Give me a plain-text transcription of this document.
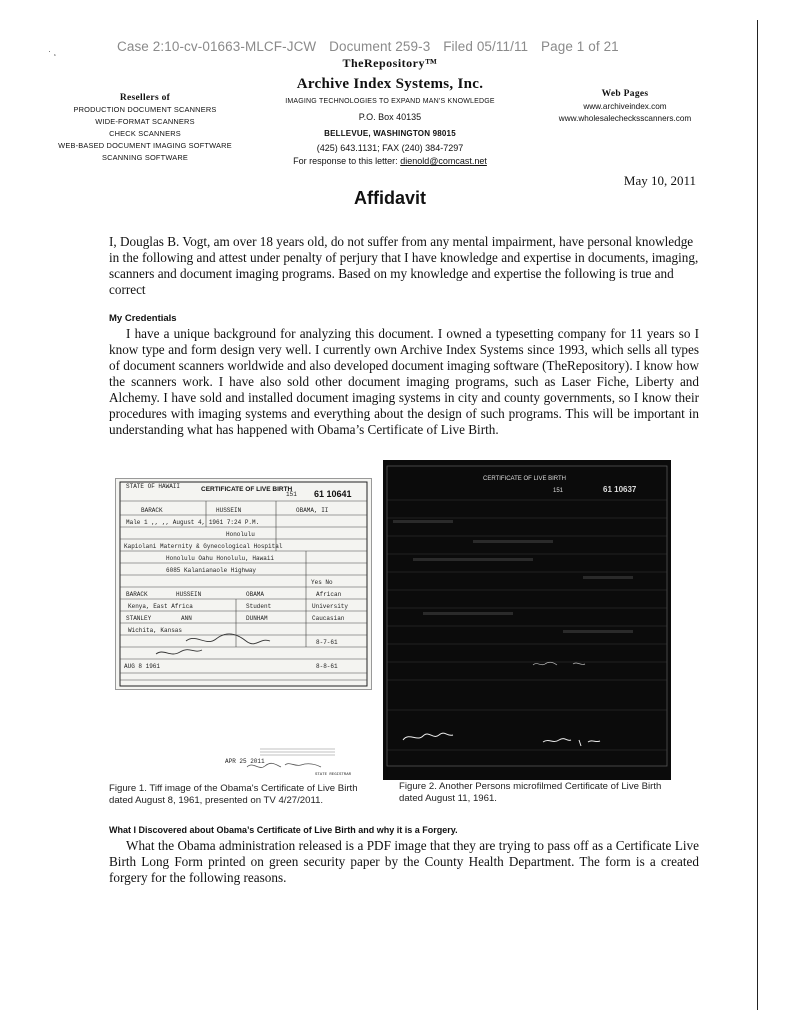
Case 2:10-cv-01663-MLCF-JCW Document 259-3 Filed 05/11/11 Page 1 of 21
· ¸
TheRepository™
Archive Index Systems, Inc.
IMAGING TECHNOLOGIES TO EXPAND MAN'S KNOWLEDGE
P.O. Box 40135
BELLEVUE, WASHINGTON 98015
(425) 643.1131; FAX (240) 384-7297
For response to this letter: dienold@comcast.net
Resellers of
PRODUCTION DOCUMENT SCANNERS
WIDE-FORMAT SCANNERS
CHECK SCANNERS
WEB-BASED DOCUMENT IMAGING SOFTWARE
SCANNING SOFTWARE
Web Pages
www.archiveindex.com
www.wholesalechecksscanners.com
May 10, 2011
Affidavit
I, Douglas B. Vogt, am over 18 years old, do not suffer from any mental impairment, have personal knowledge in the following and attest under penalty of perjury that I have knowledge and expertise in documents, imaging, scanners and document imaging programs. Based on my knowledge and expertise the following is true and correct
My Credentials
I have a unique background for analyzing this document. I owned a typesetting company for 11 years so I know type and form design very well. I currently own Archive Index Systems since 1993, which sells all types of document scanners worldwide and also developed document imaging software (TheRepository). I know how the scanners work. I have also sold other document imaging programs, such as Laser Fiche, Liberty and Alchemy. I have sold and installed document imaging systems in city and county governments, so I know their procedures with imaging systems and everything about the design of such programs. This will be important in understanding what has happened with Obama’s Certificate of Live Birth.
STATE OF HAWAII	CERTIFICATE OF LIVE BIRTH
151 61 10641
BARACK	HUSSEIN	OBAMA, II
Male 1 ,, ,, August 4, 1961 7:24 P.M.
Honolulu
Kapiolani Maternity & Gynecological Hospital
Honolulu Oahu Honolulu, Hawaii
6085 Kalanianaole Highway
Yes No
BARACK	HUSSEIN	OBAMA	African
Kenya, East Africa	Student	University
STANLEY	ANN	DUNHAM	Caucasian
Wichita, Kansas
8-7-61
AUG 8 1961	8-8-61
APR 25 2011
STATE REGISTRAR
CERTIFICATE OF LIVE BIRTH
151	61 10637
Figure 1. Tiff image of the Obama's Certificate of Live Birth dated August 8, 1961, presented on TV 4/27/2011.
Figure 2. Another Persons microfilmed Certificate of Live Birth dated August 11, 1961.
What I Discovered about Obama’s Certificate of Live Birth and why it is a Forgery.
What the Obama administration released is a PDF image that they are trying to pass off as a Certificate Live Birth Long Form printed on green security paper by the County Health Department. The form is a created forgery for the following reasons.
